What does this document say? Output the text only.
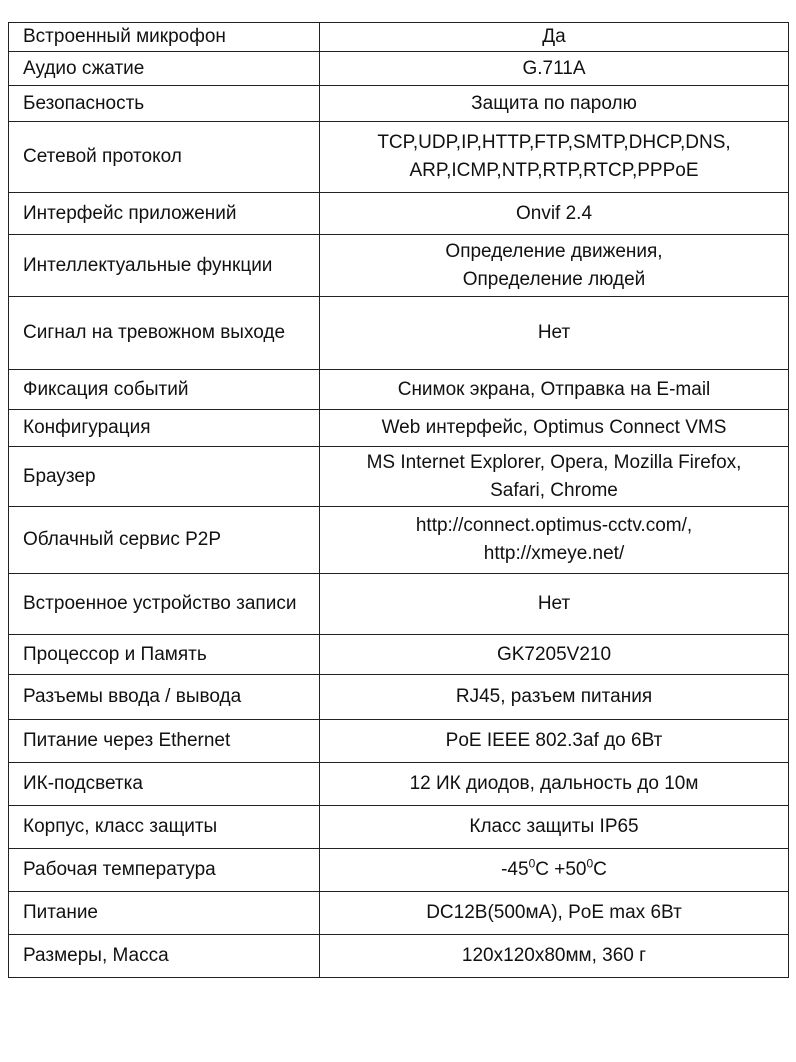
Встроенный микрофон	Да

Аудио сжатие	G.711A

Безопасность	Защита по паролю

Сетевой протокол	TCP,UDP,IP,HTTP,FTP,SMTP,DHCP,DNS,
ARP,ICMP,NTP,RTP,RTCP,PPPoE

Интерфейс приложений	Onvif 2.4

Интеллектуальные функции	Определение движения,
Определение людей

Сигнал на тревожном выходе	Нет

Фиксация событий	Снимок экрана, Отправка на E-mail

Конфигурация	Web интерфейс, Optimus Connect VMS

Браузер	MS Internet Explorer, Opera, Mozilla Firefox,
Safari, Chrome

Облачный сервис P2P	http://connect.optimus-cctv.com/,
http://xmeye.net/

Встроенное устройство записи	Нет

Процессор и Память	GK7205V210

Разъемы ввода / вывода	RJ45, разъем питания

Питание через Ethernet	PoE IEEE 802.3af до 6Вт

ИК-подсветка	12 ИК диодов, дальность до 10м

Корпус, класс защиты	Класс защиты IP65

Рабочая температура	$-45^0C +50^0C$
Питание	DC12В(500мА), PoE max 6Вт

Размеры, Масса	120x120x80мм, 360 г
